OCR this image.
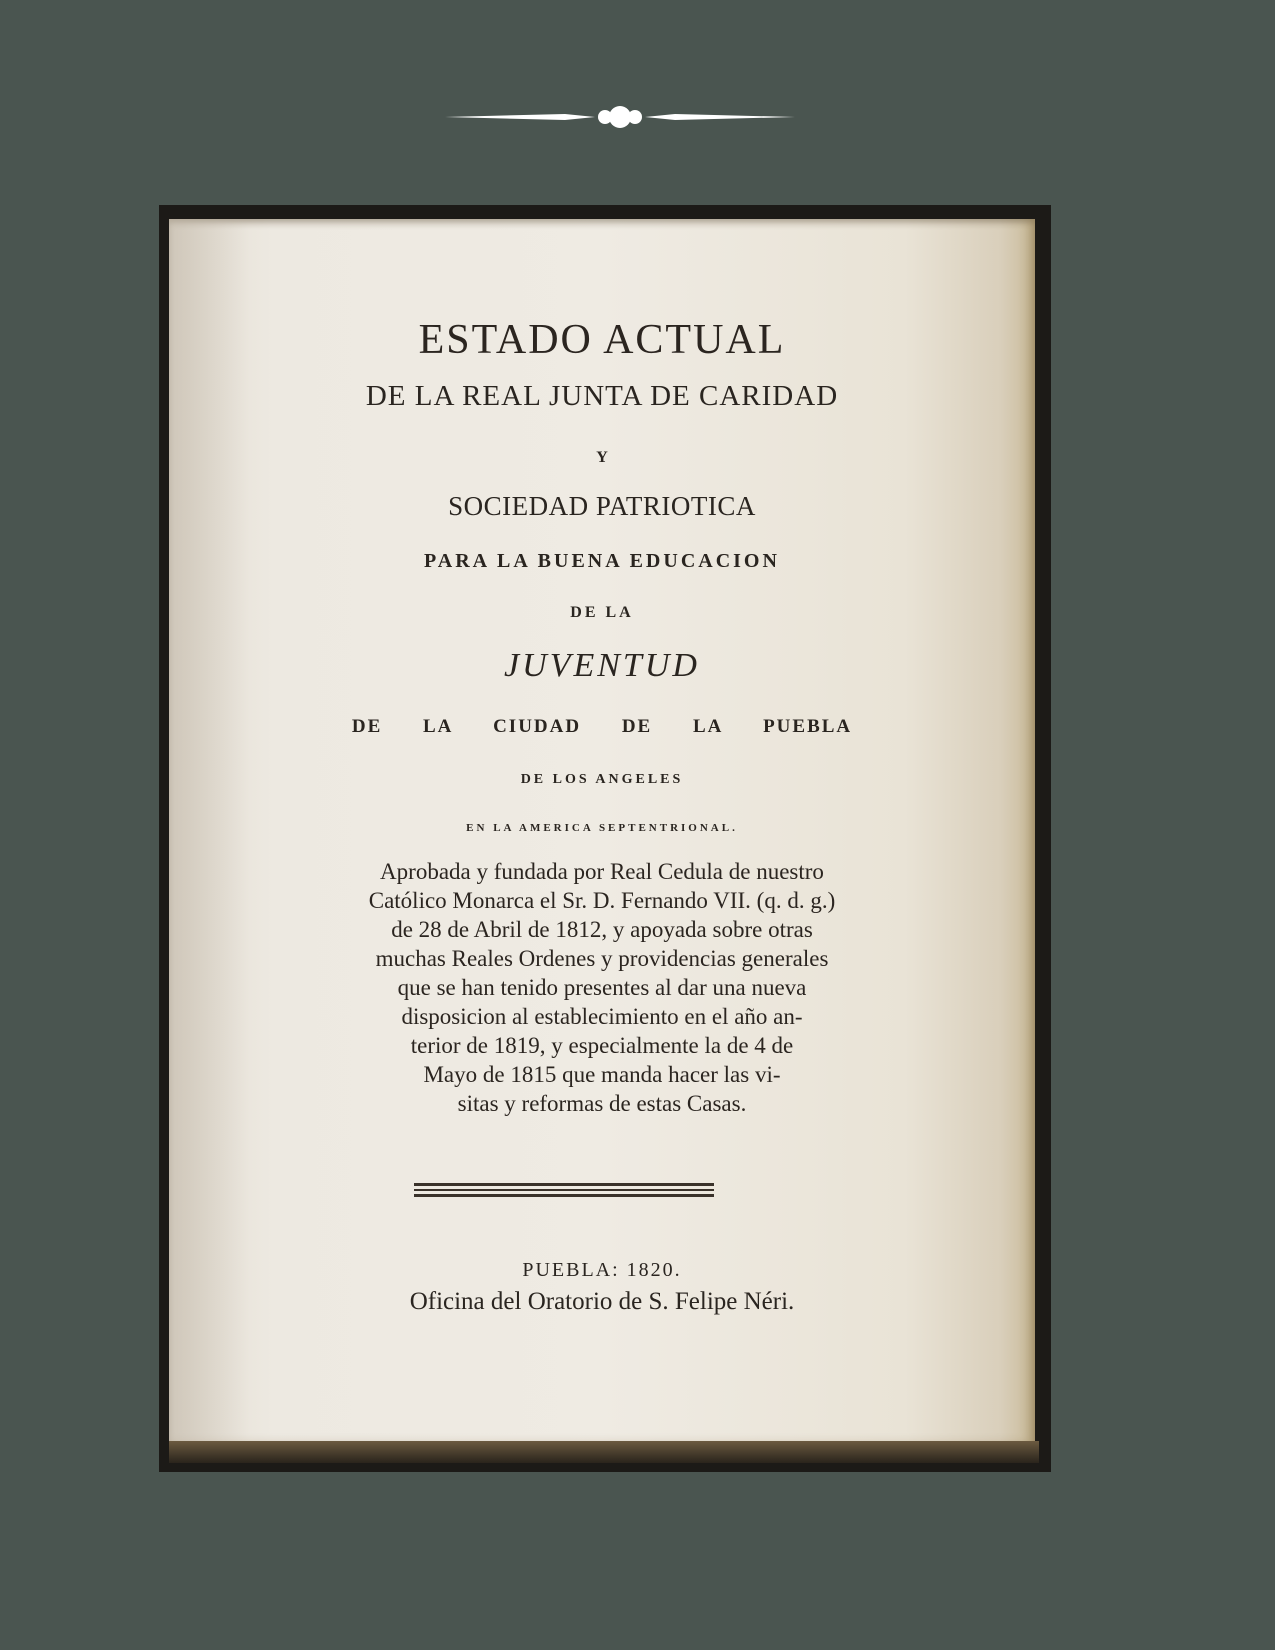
ESTADO ACTUAL
DE LA REAL JUNTA DE CARIDAD
Y
SOCIEDAD PATRIOTICA
PARA LA BUENA EDUCACION
DE LA
JUVENTUD
DE LA CIUDAD DE LA PUEBLA
DE LOS ANGELES
EN LA AMERICA SEPTENTRIONAL.
Aprobada y fundada por Real Cedula de nuestro
Católico Monarca el Sr. D. Fernando VII. (q. d. g.)
de 28 de Abril de 1812, y apoyada sobre otras
muchas Reales Ordenes y providencias generales
que se han tenido presentes al dar una nueva
disposicion al establecimiento en el año an-
terior de 1819, y especialmente la de 4 de
Mayo de 1815 que manda hacer las vi-
sitas y reformas de estas Casas.
PUEBLA: 1820.
Oficina del Oratorio de S. Felipe Néri.
